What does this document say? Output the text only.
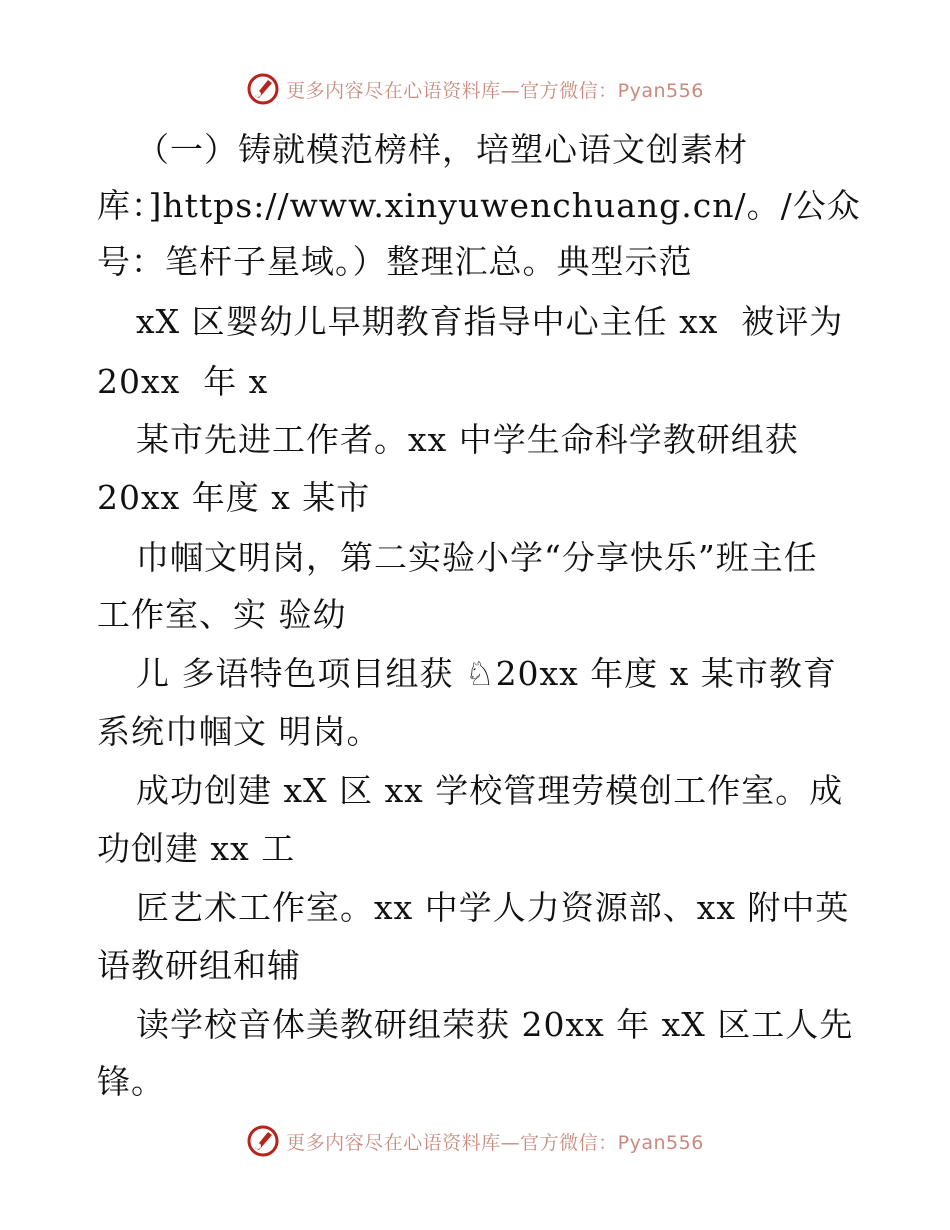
更多内容尽在心语资料库—官方微信：Pyan556
（一）铸就模范榜样，培塑心语文创素材
库：]https://www.xinyuwenchuang.cn/。/公众
号：笔杆子星域。）整理汇总。典型示范
xX 区婴幼儿早期教育指导中心主任 xx  被评为
20xx  年 x
某市先进工作者。xx 中学生命科学教研组获
20xx 年度 x 某市
巾帼文明岗，第二实验小学“分享快乐”班主任
工作室、实 验幼
儿 多语特色项目组获 ♘20xx 年度 x 某市教育
系统巾帼文 明岗。
成功创建 xX 区 xx 学校管理劳模创工作室。成
功创建 xx 工
匠艺术工作室。xx 中学人力资源部、xx 附中英
语教研组和辅
读学校音体美教研组荣获 20xx 年 xX 区工人先
锋。
更多内容尽在心语资料库—官方微信：Pyan556
